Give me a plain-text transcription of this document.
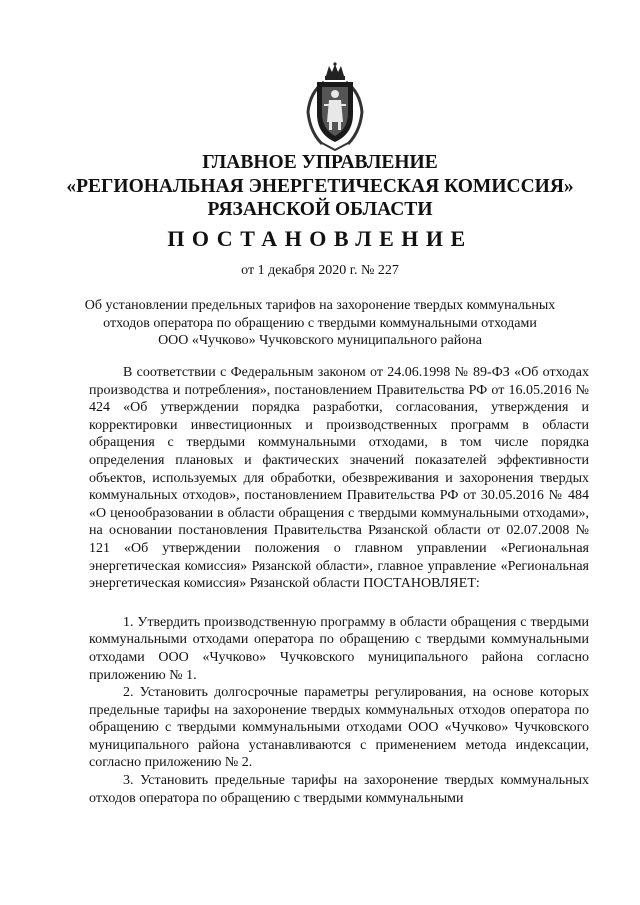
ГЛАВНОЕ УПРАВЛЕНИЕ
«РЕГИОНАЛЬНАЯ ЭНЕРГЕТИЧЕСКАЯ КОМИССИЯ»
РЯЗАНСКОЙ ОБЛАСТИ
ПОСТАНОВЛЕНИЕ
от 1 декабря 2020 г. № 227
Об установлении предельных тарифов на захоронение твердых коммунальных
отходов оператора по обращению с твердыми коммунальными отходами
ООО «Чучково» Чучковского муниципального района

В соответствии с Федеральным законом от 24.06.1998 № 89-ФЗ «Об отходах производства и потребления», постановлением Правительства РФ от 16.05.2016 № 424 «Об утверждении порядка разработки, согласования, утверждения и корректировки инвестиционных и производственных программ в области обращения с твердыми коммунальными отходами, в том числе порядка определения плановых и фактических значений показателей эффективности объектов, используемых для обработки, обезвреживания и захоронения твердых коммунальных отходов», постановлением Правительства РФ от 30.05.2016 № 484 «О ценообразовании в области обращения с твердыми коммунальными отходами», на основании постановления Правительства Рязанской области от 02.07.2008 № 121 «Об утверждении положения о главном управлении «Региональная энергетическая комиссия» Рязанской области», главное управление «Региональная энергетическая комиссия» Рязанской области ПОСТАНОВЛЯЕТ:

1. Утвердить производственную программу в области обращения с твердыми коммунальными отходами оператора по обращению с твердыми коммунальными отходами ООО «Чучково» Чучковского муниципального района согласно приложению № 1.

2. Установить долгосрочные параметры регулирования, на основе которых предельные тарифы на захоронение твердых коммунальных отходов оператора по обращению с твердыми коммунальными отходами ООО «Чучково» Чучковского муниципального района устанавливаются с применением метода индексации, согласно приложению № 2.

3. Установить предельные тарифы на захоронение твердых коммунальных отходов оператора по обращению с твердыми коммунальными
